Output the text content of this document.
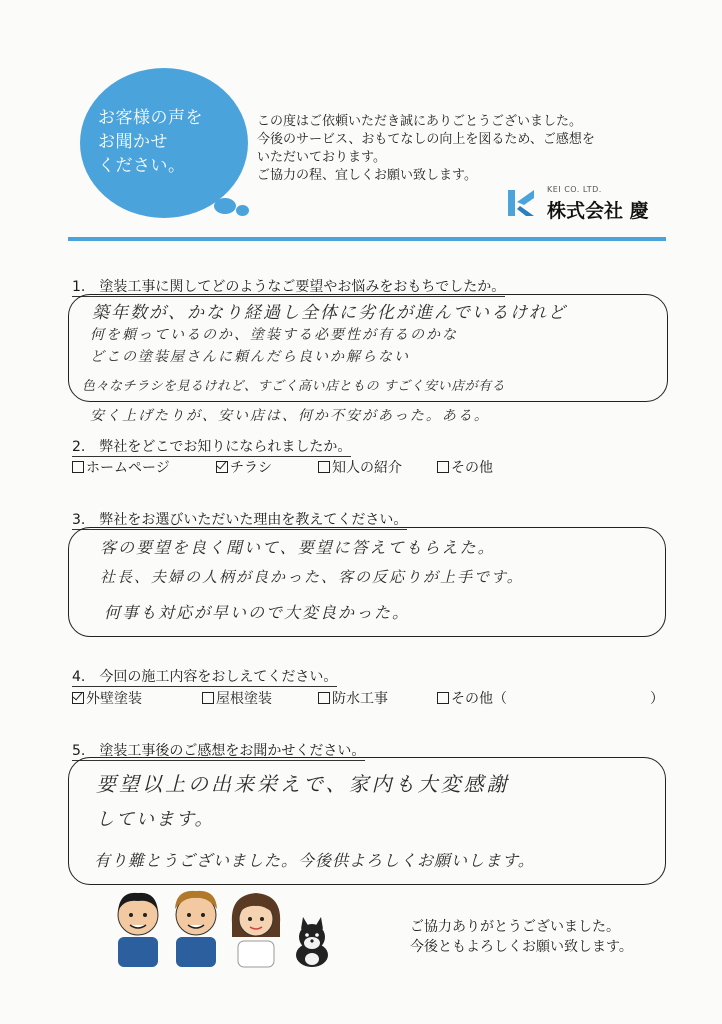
お客様の声を
お聞かせ
ください。
この度はご依頼いただき誠にありごとうございました。
今後のサービス、おもてなしの向上を図るため、ご感想を
いただいております。
ご協力の程、宜しくお願い致します。
KEI CO. LTD.
株式会社 慶
1.　塗装工事に関してどのようなご要望やお悩みをおもちでしたか。
築年数が、かなり経過し全体に劣化が進んでいるけれど
何を頼っているのか、塗装する必要性が有るのかな
どこの塗装屋さんに頼んだら良いか解らない
色々なチラシを見るけれど、すごく高い店ともの すごく安い店が有る
安く上げたりが、安い店は、何か不安があった。ある。
2.　弊社をどこでお知りになられましたか。
ホームページ	チラシ	知人の紹介	その他
3.　弊社をお選びいただいた理由を教えてください。
客の要望を良く聞いて、要望に答えてもらえた。
社長、夫婦の人柄が良かった、客の反応りが上手です。
何事も対応が早いので大変良かった。
4.　今回の施工内容をおしえてください。
外壁塗装	屋根塗装	防水工事	その他（	）
5.　塗装工事後のご感想をお聞かせください。
要望以上の出来栄えで、家内も大変感謝
しています。
有り難とうございました。今後供よろしくお願いします。
ご協力ありがとうございました。
今後ともよろしくお願い致します。
